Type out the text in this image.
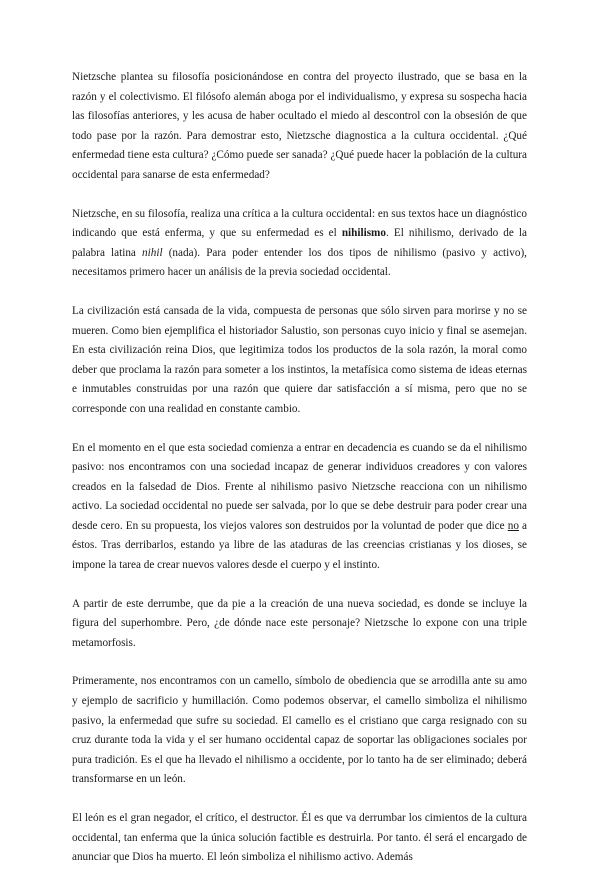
Nietzsche plantea su filosofía posicionándose en contra del proyecto ilustrado, que se basa en la razón y el colectivismo. El filósofo alemán aboga por el individualismo, y expresa su sospecha hacia las filosofías anteriores, y les acusa de haber ocultado el miedo al descontrol con la obsesión de que todo pase por la razón. Para demostrar esto, Nietzsche diagnostica a la cultura occidental. ¿Qué enfermedad tiene esta cultura? ¿Cómo puede ser sanada? ¿Qué puede hacer la población de la cultura occidental para sanarse de esta enfermedad?

Nietzsche, en su filosofía, realiza una crítica a la cultura occidental: en sus textos hace un diagnóstico indicando que está enferma, y que su enfermedad es el nihilismo. El nihilismo, derivado de la palabra latina nihil (nada). Para poder entender los dos tipos de nihilismo (pasivo y activo), necesitamos primero hacer un análisis de la previa sociedad occidental.

La civilización está cansada de la vida, compuesta de personas que sólo sirven para morirse y no se mueren. Como bien ejemplifica el historiador Salustio, son personas cuyo inicio y final se asemejan. En esta civilización reina Dios, que legitimiza todos los productos de la sola razón, la moral como deber que proclama la razón para someter a los instintos, la metafísica como sistema de ideas eternas e inmutables construidas por una razón que quiere dar satisfacción a sí misma, pero que no se corresponde con una realidad en constante cambio.

En el momento en el que esta sociedad comienza a entrar en decadencia es cuando se da el nihilismo pasivo: nos encontramos con una sociedad incapaz de generar individuos creadores y con valores creados en la falsedad de Dios. Frente al nihilismo pasivo Nietzsche reacciona con un nihilismo activo. La sociedad occidental no puede ser salvada, por lo que se debe destruir para poder crear una desde cero. En su propuesta, los viejos valores son destruidos por la voluntad de poder que dice no a éstos. Tras derribarlos, estando ya libre de las ataduras de las creencias cristianas y los dioses, se impone la tarea de crear nuevos valores desde el cuerpo y el instinto.

A partir de este derrumbe, que da pie a la creación de una nueva sociedad, es donde se incluye la figura del superhombre. Pero, ¿de dónde nace este personaje? Nietzsche lo expone con una triple metamorfosis.

Primeramente, nos encontramos con un camello, símbolo de obediencia que se arrodilla ante su amo y ejemplo de sacrificio y humillación. Como podemos observar, el camello simboliza el nihilismo pasivo, la enfermedad que sufre su sociedad. El camello es el cristiano que carga resignado con su cruz durante toda la vida y el ser humano occidental capaz de soportar las obligaciones sociales por pura tradición. Es el que ha llevado el nihilismo a occidente, por lo tanto ha de ser eliminado; deberá transformarse en un león.

El león es el gran negador, el crítico, el destructor. Él es que va derrumbar los cimientos de la cultura occidental, tan enferma que la única solución factible es destruirla. Por tanto. él será el encargado de anunciar que Dios ha muerto. El león simboliza el nihilismo activo. Además
